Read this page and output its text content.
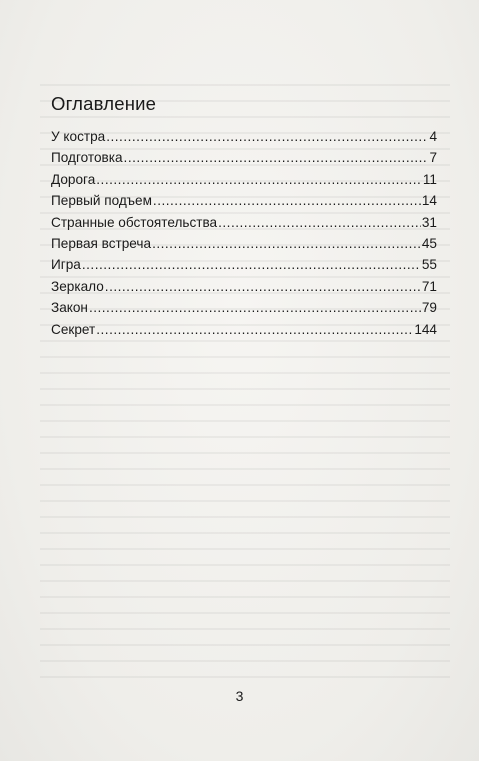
Оглавление
У костра .....	4
Подготовка .....	7
Дорога .....	11
Первый подъем .....	14
Странные обстоятельства .....	31
Первая встреча .....	45
Игра .....	55
Зеркало .....	71
Закон .....	79
Секрет .....	144
3
